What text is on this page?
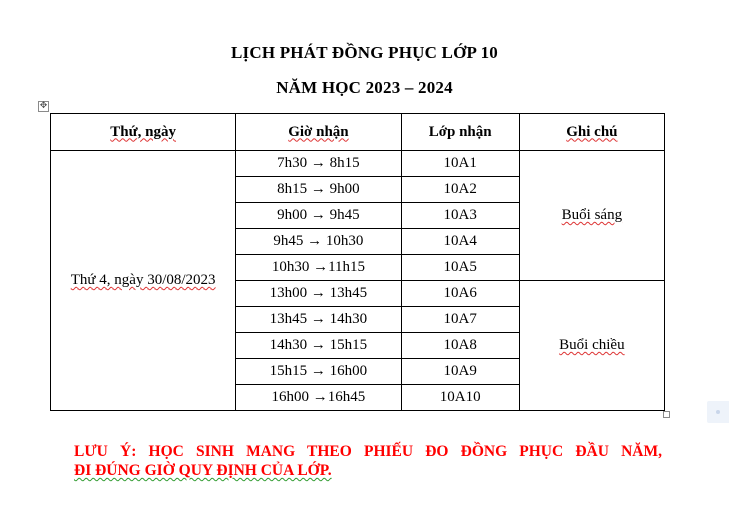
LỊCH PHÁT ĐỒNG PHỤC LỚP 10
NĂM HỌC 2023 – 2024
✥
Thứ, ngày	Giờ nhận	Lớp nhận	Ghi chú
Thứ 4, ngày 30/08/2023	7h30 → 8h15	10A1	Buổi sáng
	8h15 → 9h00	10A2	
	9h00 → 9h45	10A3	
	9h45 → 10h30	10A4	
	10h30 →11h15	10A5	
	13h00 → 13h45	10A6	Buổi chiều
	13h45 → 14h30	10A7	
	14h30 → 15h15	10A8	
	15h15 → 16h00	10A9	
	16h00 →16h45	10A10	
LƯU Ý: HỌC SINH MANG THEO PHIẾU ĐO ĐỒNG PHỤC ĐẦU NĂM,
ĐI ĐÚNG GIỜ QUY ĐỊNH CỦA LỚP.
